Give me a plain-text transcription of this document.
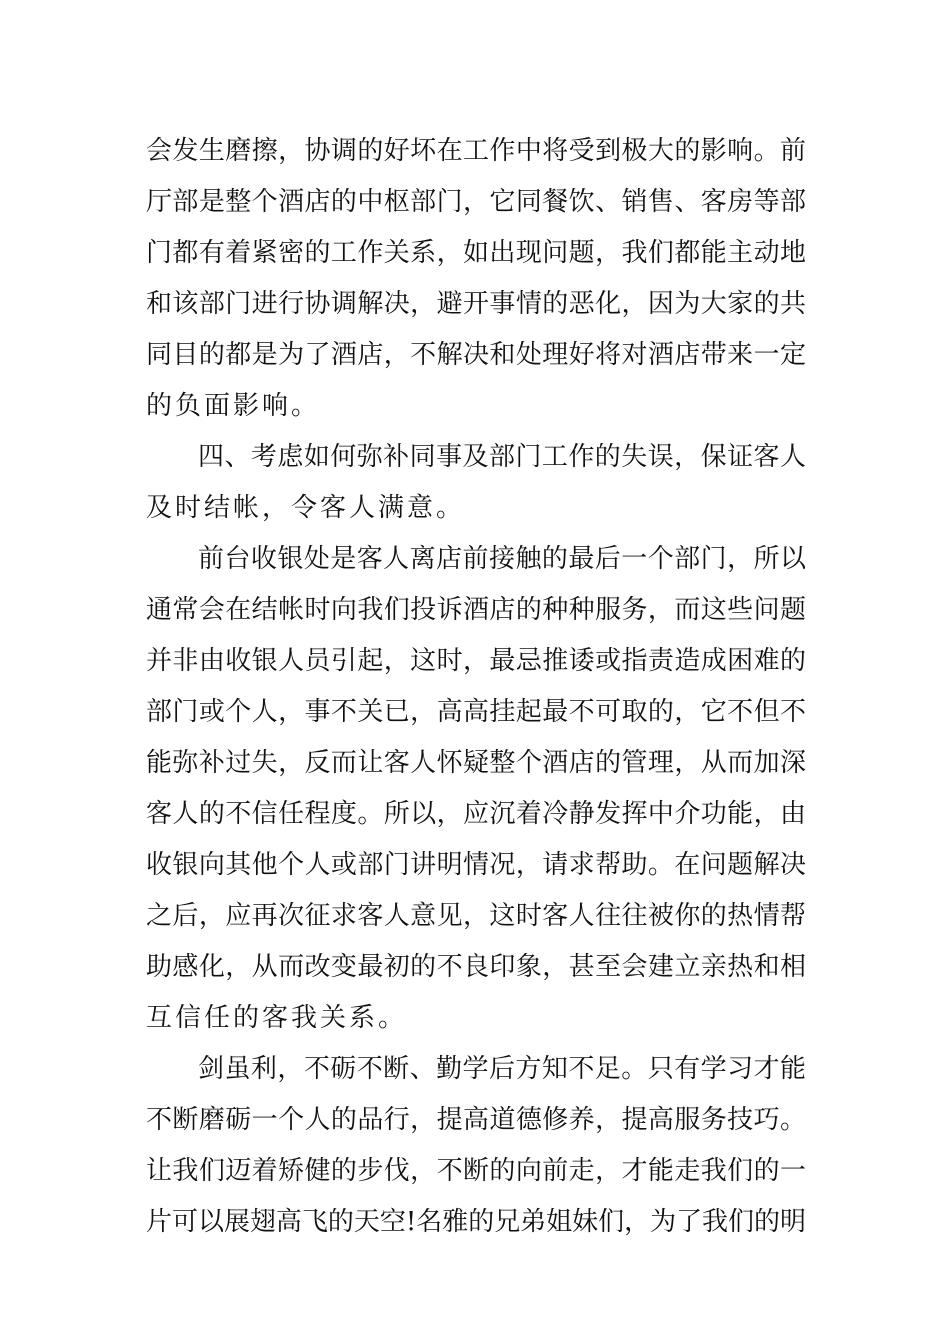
会发生磨擦，协调的好坏在工作中将受到极大的影响。前
厅部是整个酒店的中枢部门，它同餐饮、销售、客房等部
门都有着紧密的工作关系，如出现问题，我们都能主动地
和该部门进行协调解决，避开事情的恶化，因为大家的共
同目的都是为了酒店，不解决和处理好将对酒店带来一定
的负面影响。
四、考虑如何弥补同事及部门工作的失误，保证客人
及时结帐，令客人满意。
前台收银处是客人离店前接触的最后一个部门，所以
通常会在结帐时向我们投诉酒店的种种服务，而这些问题
并非由收银人员引起，这时，最忌推诿或指责造成困难的
部门或个人，事不关已，高高挂起最不可取的，它不但不
能弥补过失，反而让客人怀疑整个酒店的管理，从而加深
客人的不信任程度。所以，应沉着冷静发挥中介功能，由
收银向其他个人或部门讲明情况，请求帮助。在问题解决
之后，应再次征求客人意见，这时客人往往被你的热情帮
助感化，从而改变最初的不良印象，甚至会建立亲热和相
互信任的客我关系。
剑虽利，不砺不断、勤学后方知不足。只有学习才能
不断磨砺一个人的品行，提高道德修养，提高服务技巧。
让我们迈着矫健的步伐，不断的向前走，才能走我们的一
片可以展翅高飞的天空!名雅的兄弟姐妹们，为了我们的明
